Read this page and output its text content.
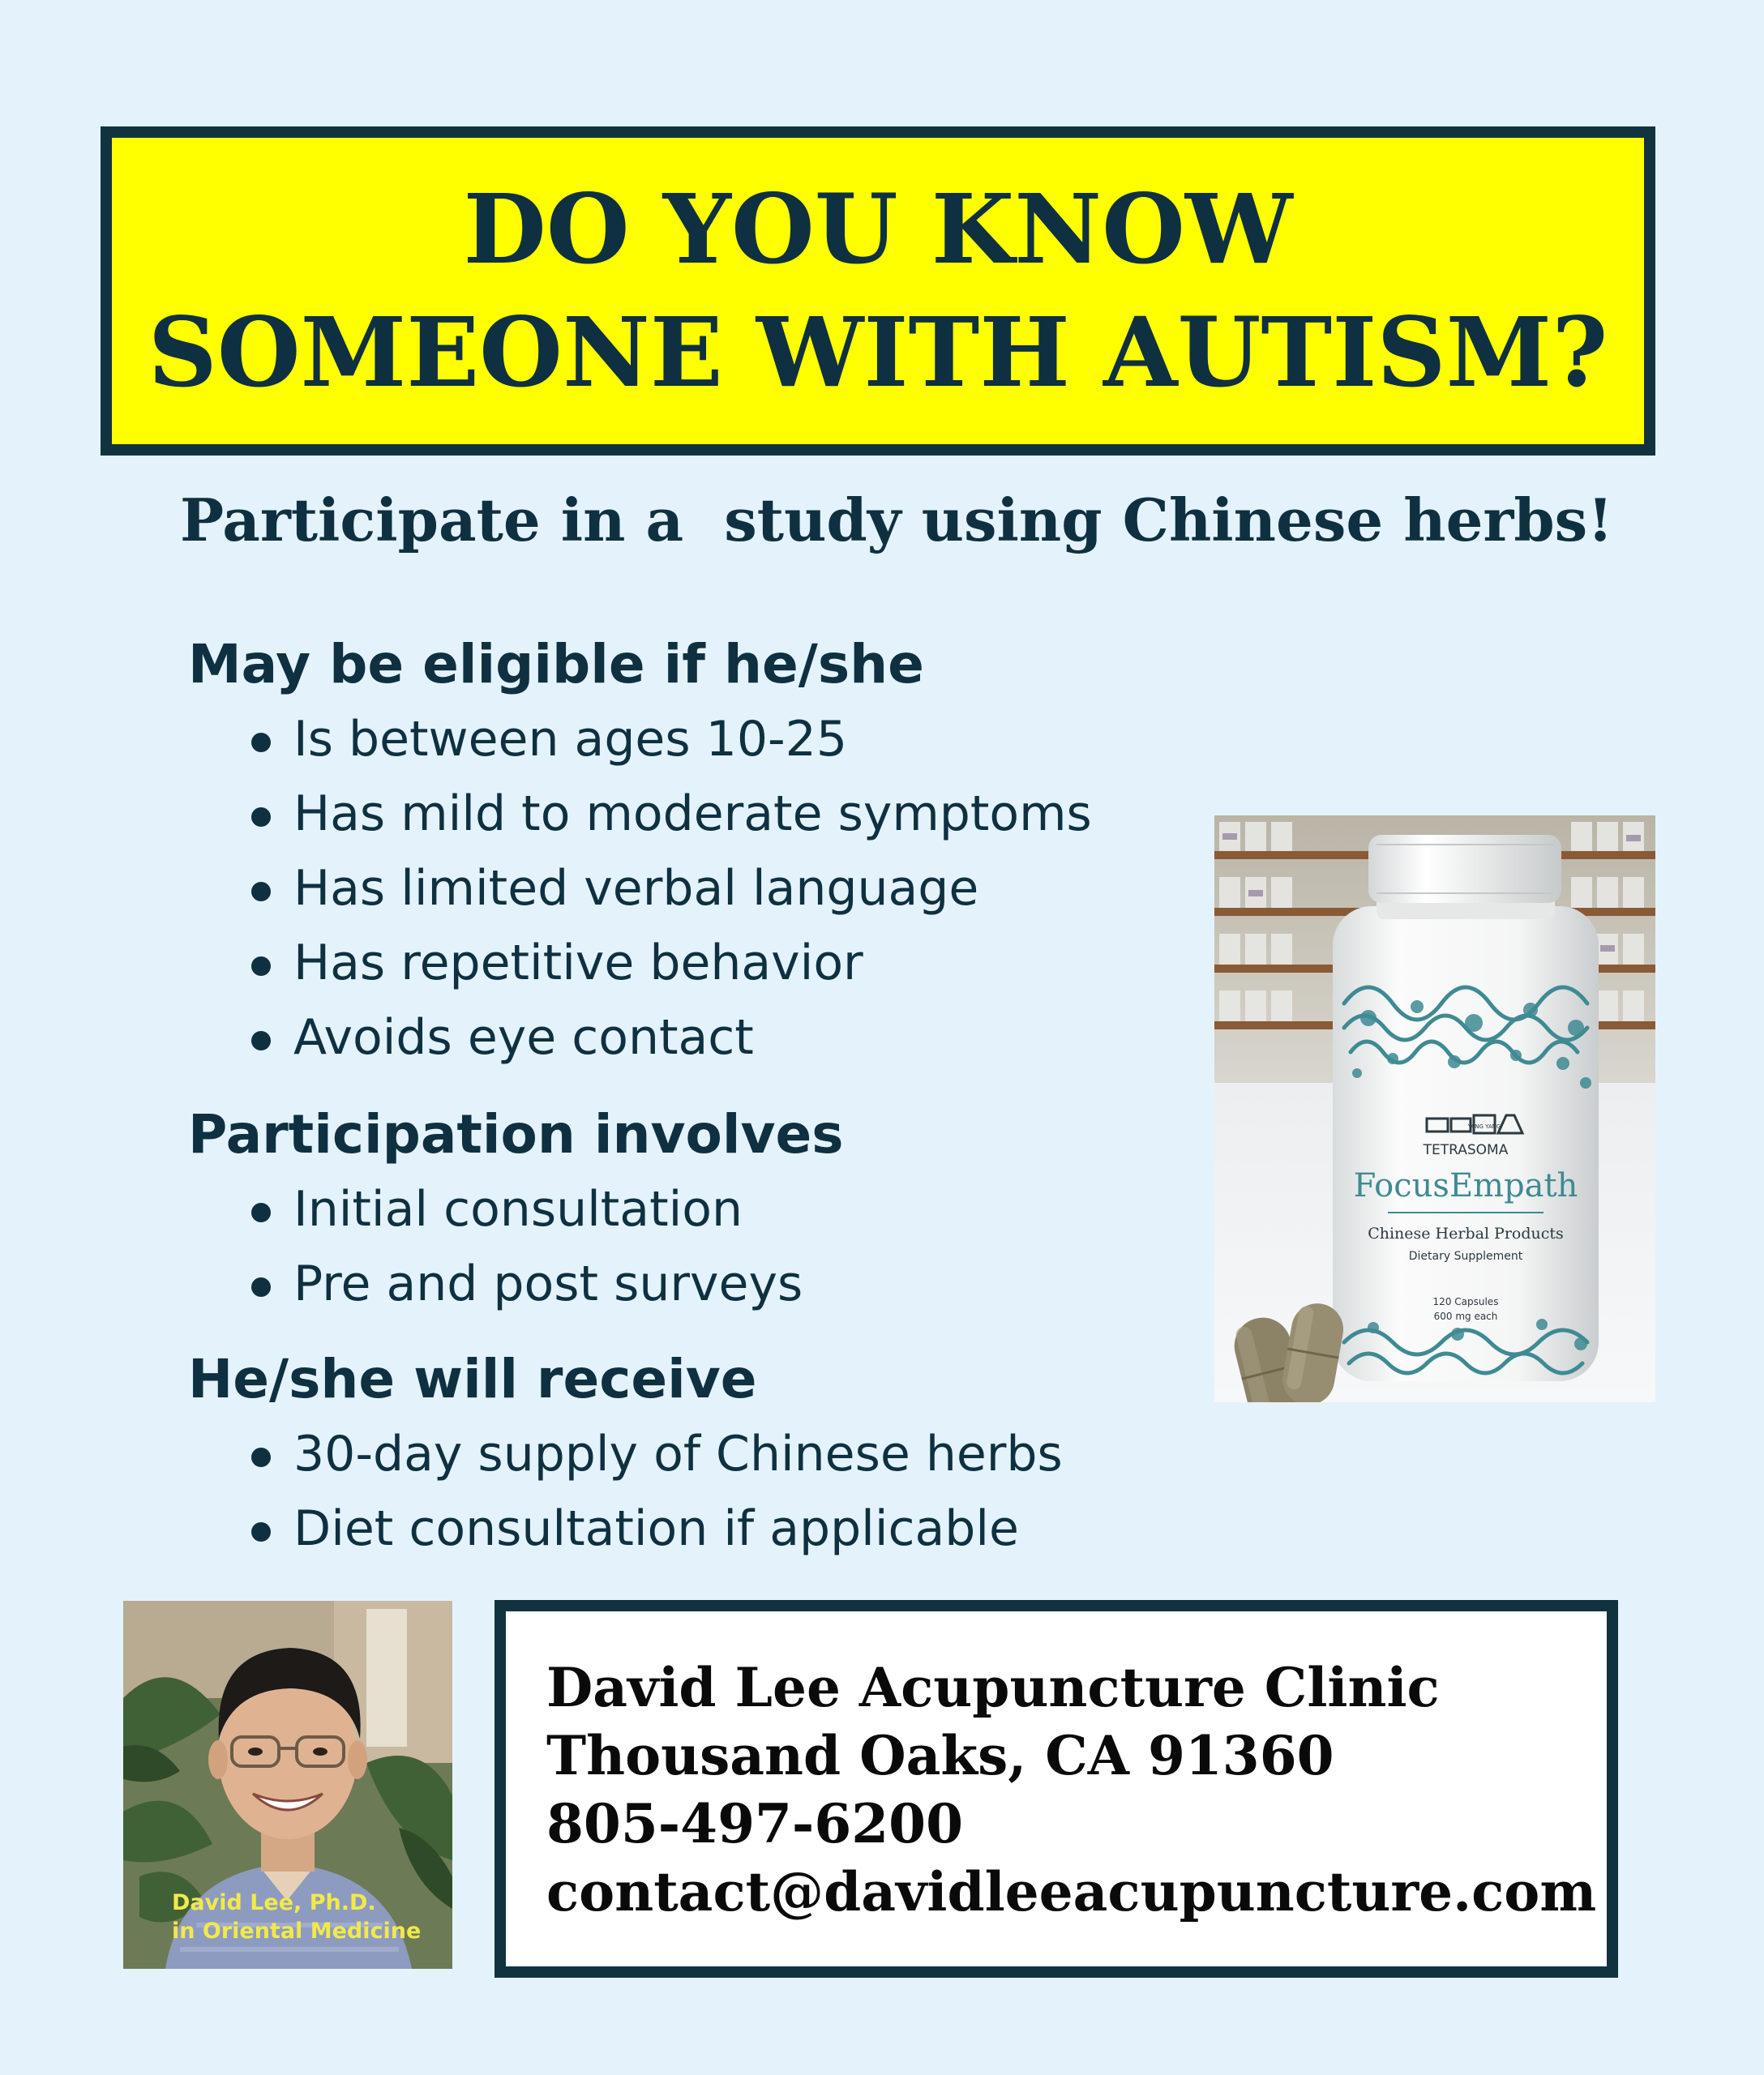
DO YOU KNOW
SOMEONE WITH AUTISM?
Participate in a  study using Chinese herbs!
May be eligible if he/she
Is between ages 10-25
Has mild to moderate symptoms
Has limited verbal language
Has repetitive behavior
Avoids eye contact
Participation involves
Initial consultation
Pre and post surveys
He/she will receive
30-day supply of Chinese herbs
Diet consultation if applicable
YANG YANG
TETRASOMA
FocusEmpath
Chinese Herbal Products
Dietary Supplement
120 Capsules
600 mg each
David Lee, Ph.D.
in Oriental Medicine
David Lee Acupuncture Clinic
Thousand Oaks, CA 91360
805-497-6200
contact@davidleeacupuncture.com
